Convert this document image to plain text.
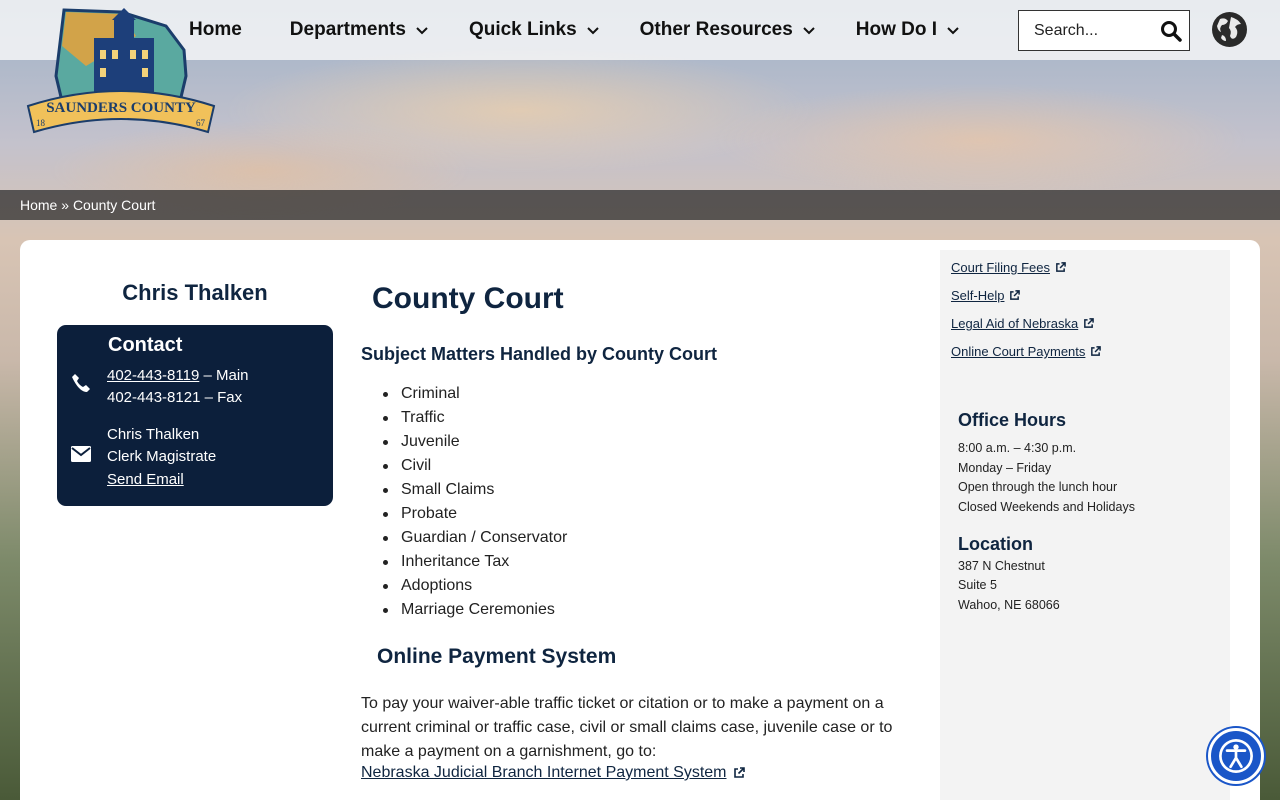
SAUNDERS COUNTY
18	67
Home	Departments	Quick Links	Other Resources	How Do I
Search...
Home » County Court
Chris Thalken
Contact
402-443-8119 – Main
402-443-8121 – Fax
Chris Thalken
Clerk Magistrate
Send Email
County Court
Subject Matters Handled by County Court
Criminal
Traffic
Juvenile
Civil
Small Claims
Probate
Guardian / Conservator
Inheritance Tax
Adoptions
Marriage Ceremonies
Online Payment System

To pay your waiver-able traffic ticket or citation or to make a payment on a current criminal or traffic case, civil or small claims case, juvenile case or to make a payment on a garnishment, go to:

Nebraska Judicial Branch Internet Payment System
Court Filing Fees
Self-Help
Legal Aid of Nebraska
Online Court Payments
Office Hours
8:00 a.m. – 4:30 p.m.
Monday – Friday
Open through the lunch hour
Closed Weekends and Holidays
Location
387 N Chestnut
Suite 5
Wahoo, NE 68066
